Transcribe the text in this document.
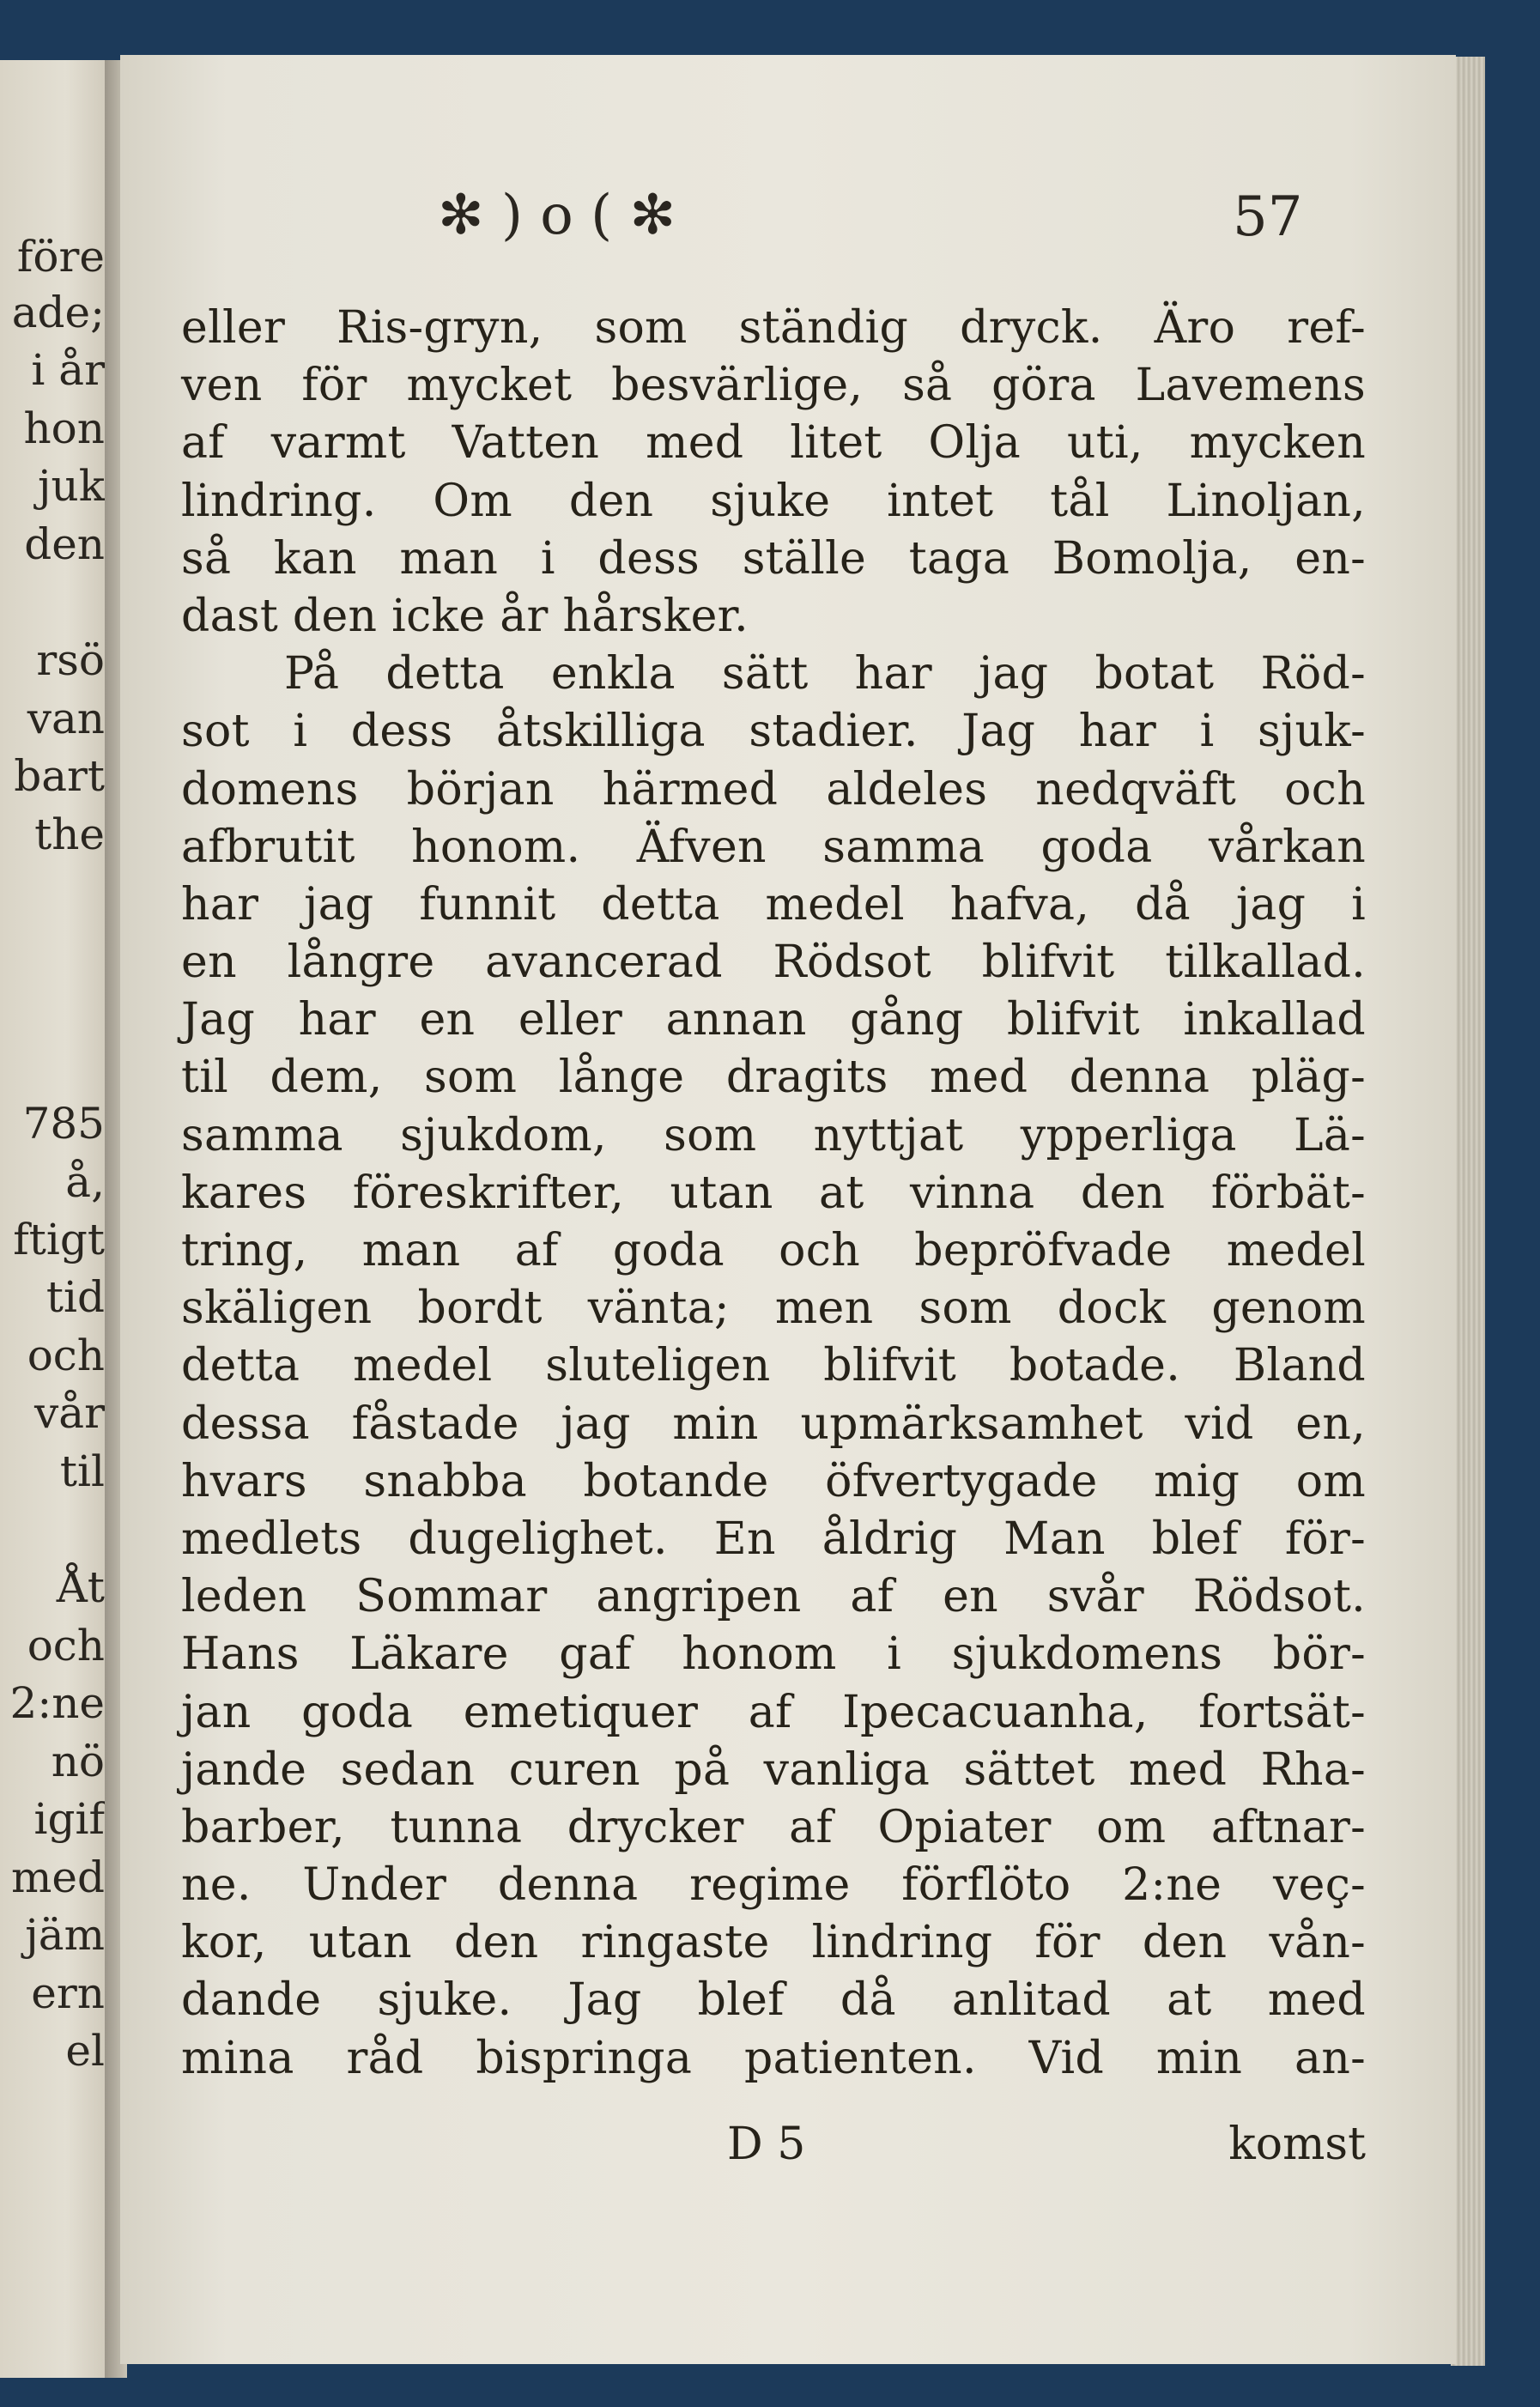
före
ade;
i år
hon
juk
den
rsö
van
bart
the
785
å,
ftigt
tid
och
vår
til
Åt
och
2:ne
nö
igif
med
jäm
ern
el
✻ ) o ( ✻	57
eller Ris-gryn, som ständig dryck. Äro ref-
ven för mycket besvärlige, så göra Lavemens
af varmt Vatten med litet Olja uti, mycken
lindring. Om den sjuke intet tål Linoljan,
så kan man i dess ställe taga Bomolja, en-
dast den icke år hårsker.
På detta enkla sätt har jag botat Röd-
sot i dess åtskilliga stadier. Jag har i sjuk-
domens början härmed aldeles nedqväft och
afbrutit honom. Äfven samma goda vårkan
har jag funnit detta medel hafva, då jag i
en långre avancerad Rödsot blifvit tilkallad.
Jag har en eller annan gång blifvit inkallad
til dem, som långe dragits med denna pläg-
samma sjukdom, som nyttjat ypperliga Lä-
kares föreskrifter, utan at vinna den förbät-
tring, man af goda och bepröfvade medel
skäligen bordt vänta; men som dock genom
detta medel sluteligen blifvit botade. Bland
dessa fåstade jag min upmärksamhet vid en,
hvars snabba botande öfvertygade mig om
medlets dugelighet. En åldrig Man blef för-
leden Sommar angripen af en svår Rödsot.
Hans Läkare gaf honom i sjukdomens bör-
jan goda emetiquer af Ipecacuanha, fortsät-
jande sedan curen på vanliga sättet med Rha-
barber, tunna drycker af Opiater om aftnar-
ne. Under denna regime förflöto 2:ne veç-
kor, utan den ringaste lindring för den vån-
dande sjuke. Jag blef då anlitad at med
mina råd bispringa patienten. Vid min an-
D 5	komst
